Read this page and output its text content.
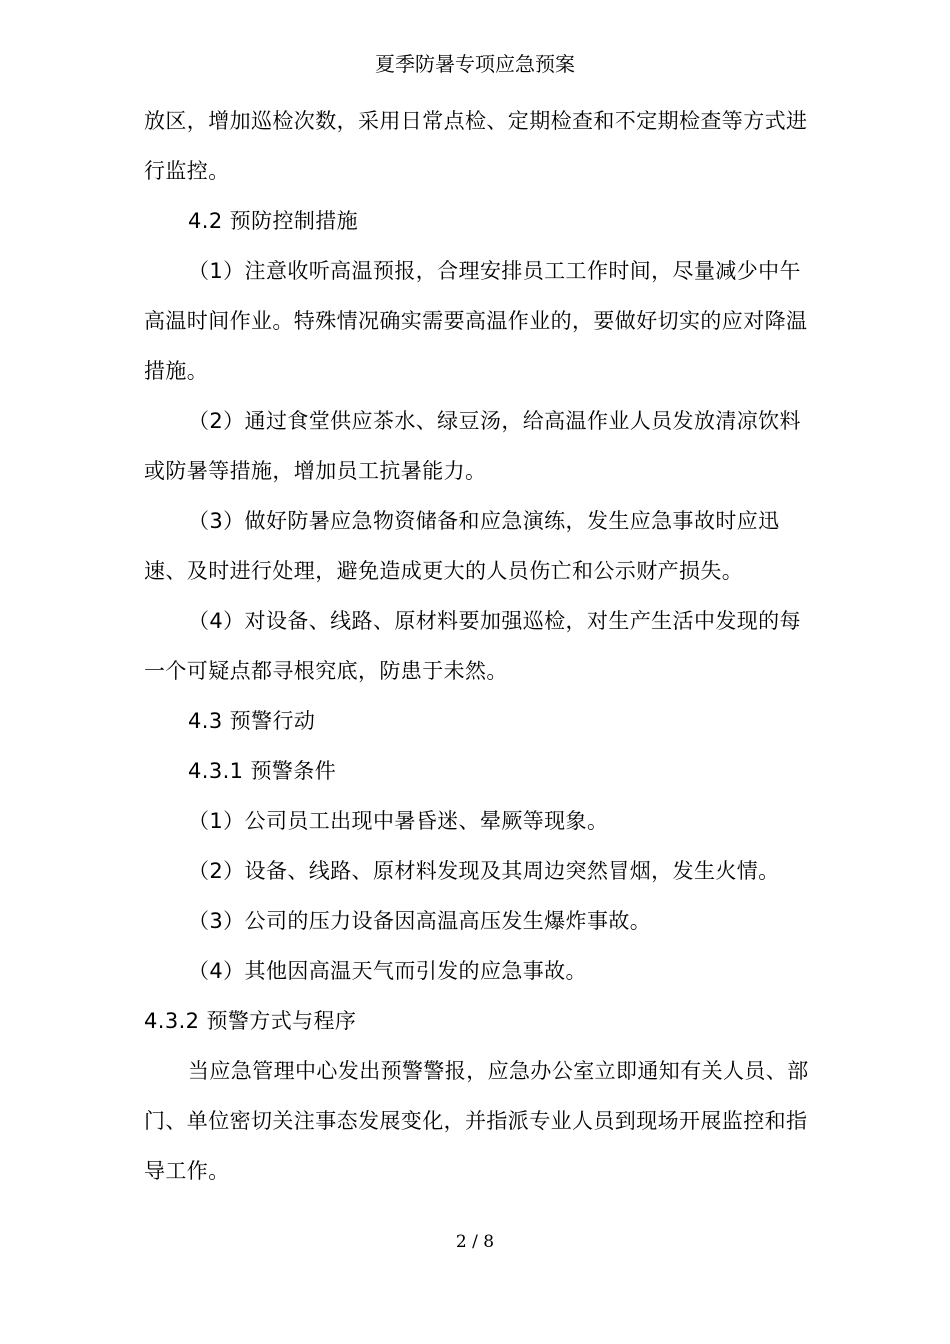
夏季防暑专项应急预案

放区，增加巡检次数，采用日常点检、定期检查和不定期检查等方式进行监控。

4.2 预防控制措施

（1）注意收听高温预报，合理安排员工工作时间，尽量减少中午高温时间作业。特殊情况确实需要高温作业的，要做好切实的应对降温措施。

（2）通过食堂供应茶水、绿豆汤，给高温作业人员发放清凉饮料或防暑等措施，增加员工抗暑能力。

（3）做好防暑应急物资储备和应急演练，发生应急事故时应迅速、及时进行处理，避免造成更大的人员伤亡和公示财产损失。

（4）对设备、线路、原材料要加强巡检，对生产生活中发现的每一个可疑点都寻根究底，防患于未然。

4.3 预警行动

4.3.1 预警条件

（1）公司员工出现中暑昏迷、晕厥等现象。

（2）设备、线路、原材料发现及其周边突然冒烟，发生火情。

（3）公司的压力设备因高温高压发生爆炸事故。

（4）其他因高温天气而引发的应急事故。

4.3.2 预警方式与程序

当应急管理中心发出预警警报，应急办公室立即通知有关人员、部门、单位密切关注事态发展变化，并指派专业人员到现场开展监控和指导工作。

2 / 8
